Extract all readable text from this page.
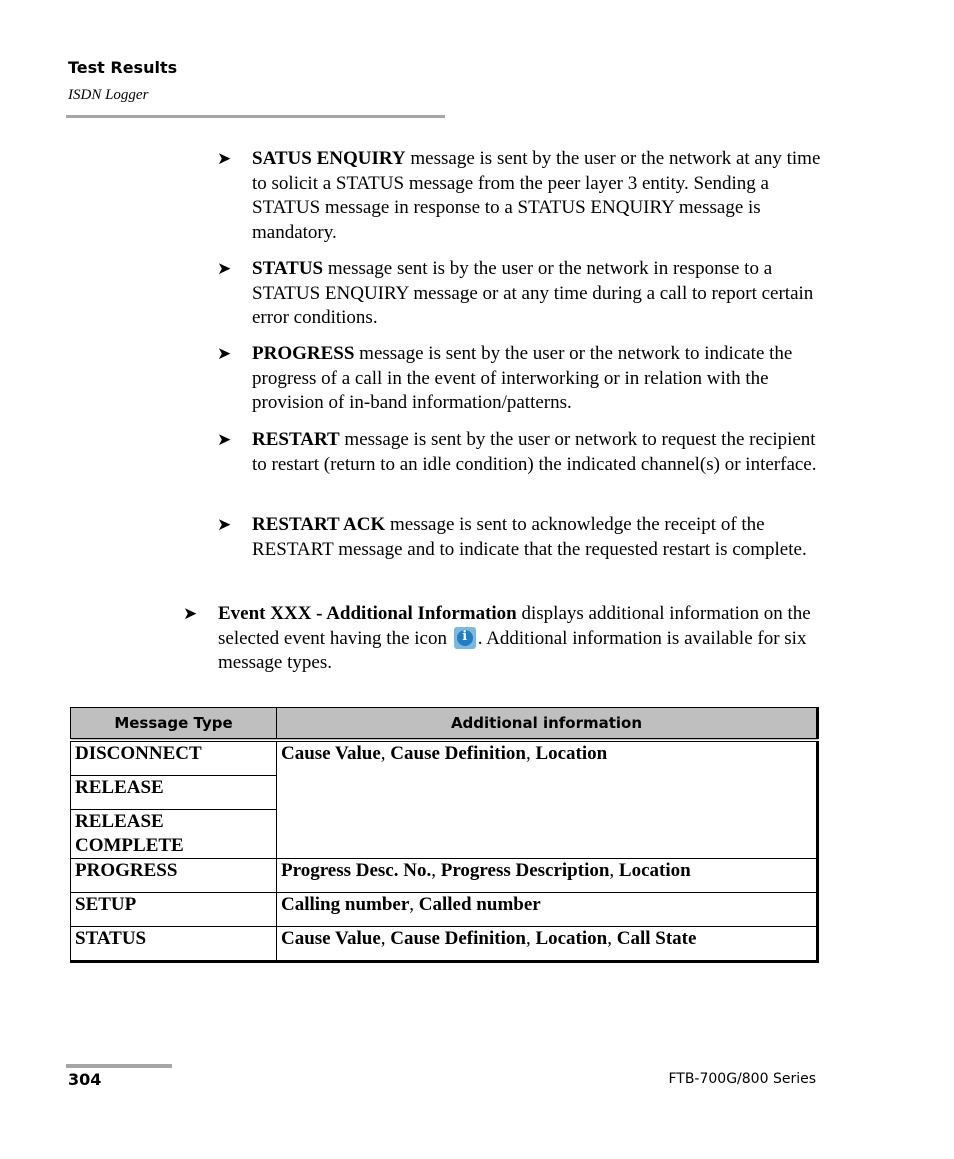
Test Results
ISDN Logger
➤ SATUS ENQUIRY message is sent by the user or the network at any time to solicit a STATUS message from the peer layer 3 entity. Sending a STATUS message in response to a STATUS ENQUIRY message is mandatory.
➤ STATUS message sent is by the user or the network in response to a STATUS ENQUIRY message or at any time during a call to report certain error conditions.
➤ PROGRESS message is sent by the user or the network to indicate the progress of a call in the event of interworking or in relation with the provision of in-band information/patterns.
➤ RESTART message is sent by the user or network to request the recipient to restart (return to an idle condition) the indicated channel(s) or interface.
➤ RESTART ACK message is sent to acknowledge the receipt of the RESTART message and to indicate that the requested restart is complete.
➤ Event XXX - Additional Information displays additional information on the selected event having the icon i. Additional information is available for six message types.
Message Type	Additional information
DISCONNECT	Cause Value, Cause Definition, Location
RELEASE	
RELEASE COMPLETE	
PROGRESS	Progress Desc. No., Progress Description, Location
SETUP	Calling number, Called number
STATUS	Cause Value, Cause Definition, Location, Call State
304	FTB-700G/800 Series
